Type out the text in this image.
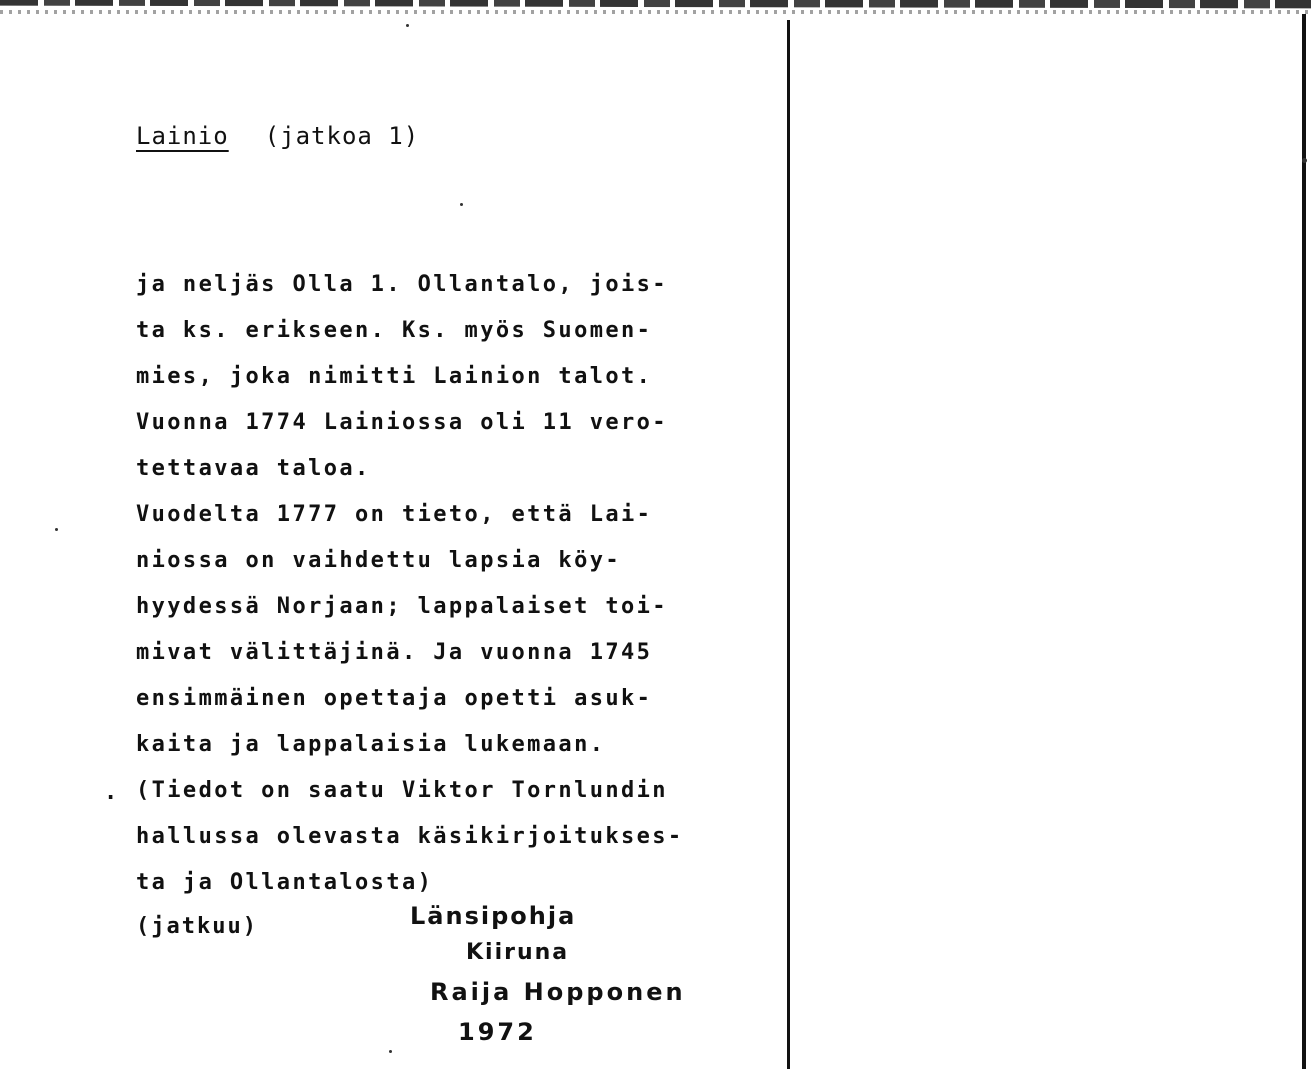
Lainio (jatkoa 1)
ja neljäs Olla 1. Ollantalo, jois-
ta ks. erikseen. Ks. myös Suomen-
mies, joka nimitti Lainion talot.
Vuonna 1774 Lainiossa oli 11 vero-
tettavaa taloa.
Vuodelta 1777 on tieto, että Lai-
niossa on vaihdettu lapsia köy-
hyydessä Norjaan; lappalaiset toi-
mivat välittäjinä. Ja vuonna 1745
ensimmäinen opettaja opetti asuk-
kaita ja lappalaisia lukemaan.
(Tiedot on saatu Viktor Tornlundin
hallussa olevasta käsikirjoitukses-
ta ja Ollantalosta)
.
(jatkuu)	Länsipohja
Kiiruna
Raija Hopponen
1972
